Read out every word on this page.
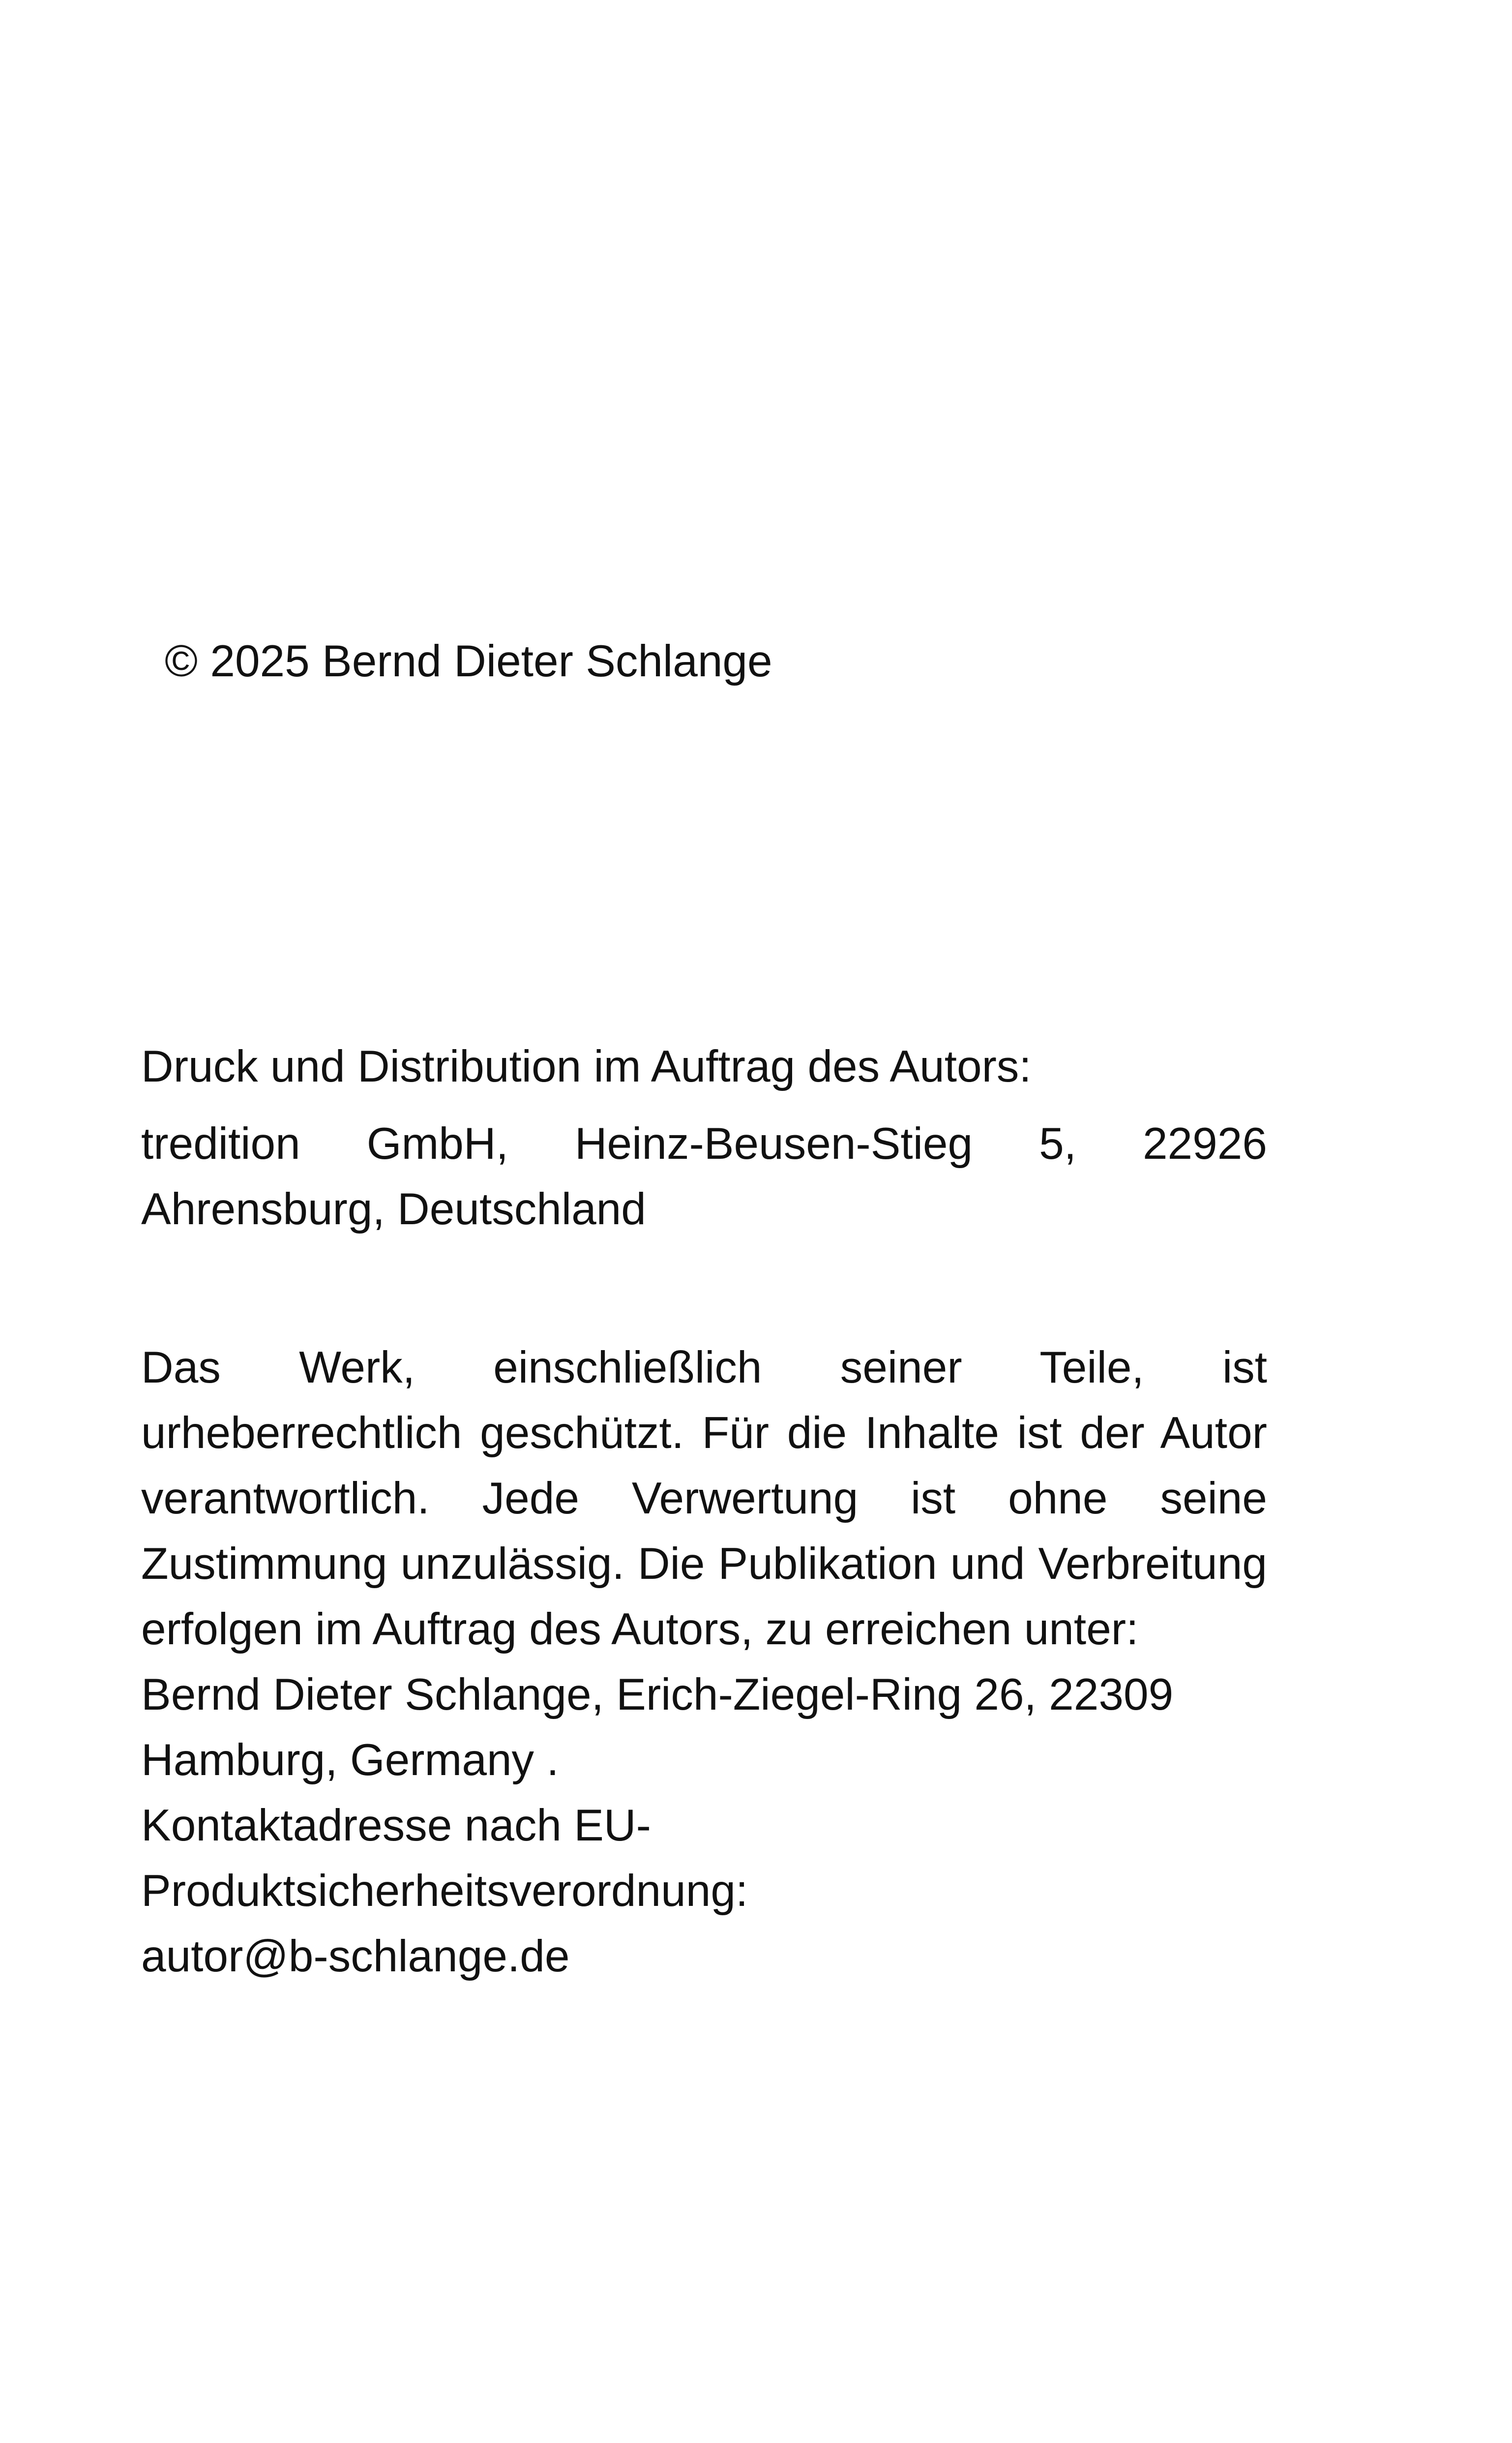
© 2025 Bernd Dieter Schlange

Druck und Distribution im Auftrag des Autors:

tredition GmbH, Heinz-Beusen-Stieg 5, 22926 Ahrensburg, Deutschland

Das Werk, einschließlich seiner Teile, ist urheberrechtlich geschützt. Für die Inhalte ist der Autor verantwortlich. Jede Verwertung ist ohne seine Zustimmung unzulässig. Die Publikation und Verbreitung erfolgen im Auftrag des Autors, zu erreichen unter:

Bernd Dieter Schlange, Erich-Ziegel-Ring 26, 22309
Hamburg, Germany .
Kontaktadresse nach EU-
Produktsicherheitsverordnung:
autor@b-schlange.de
